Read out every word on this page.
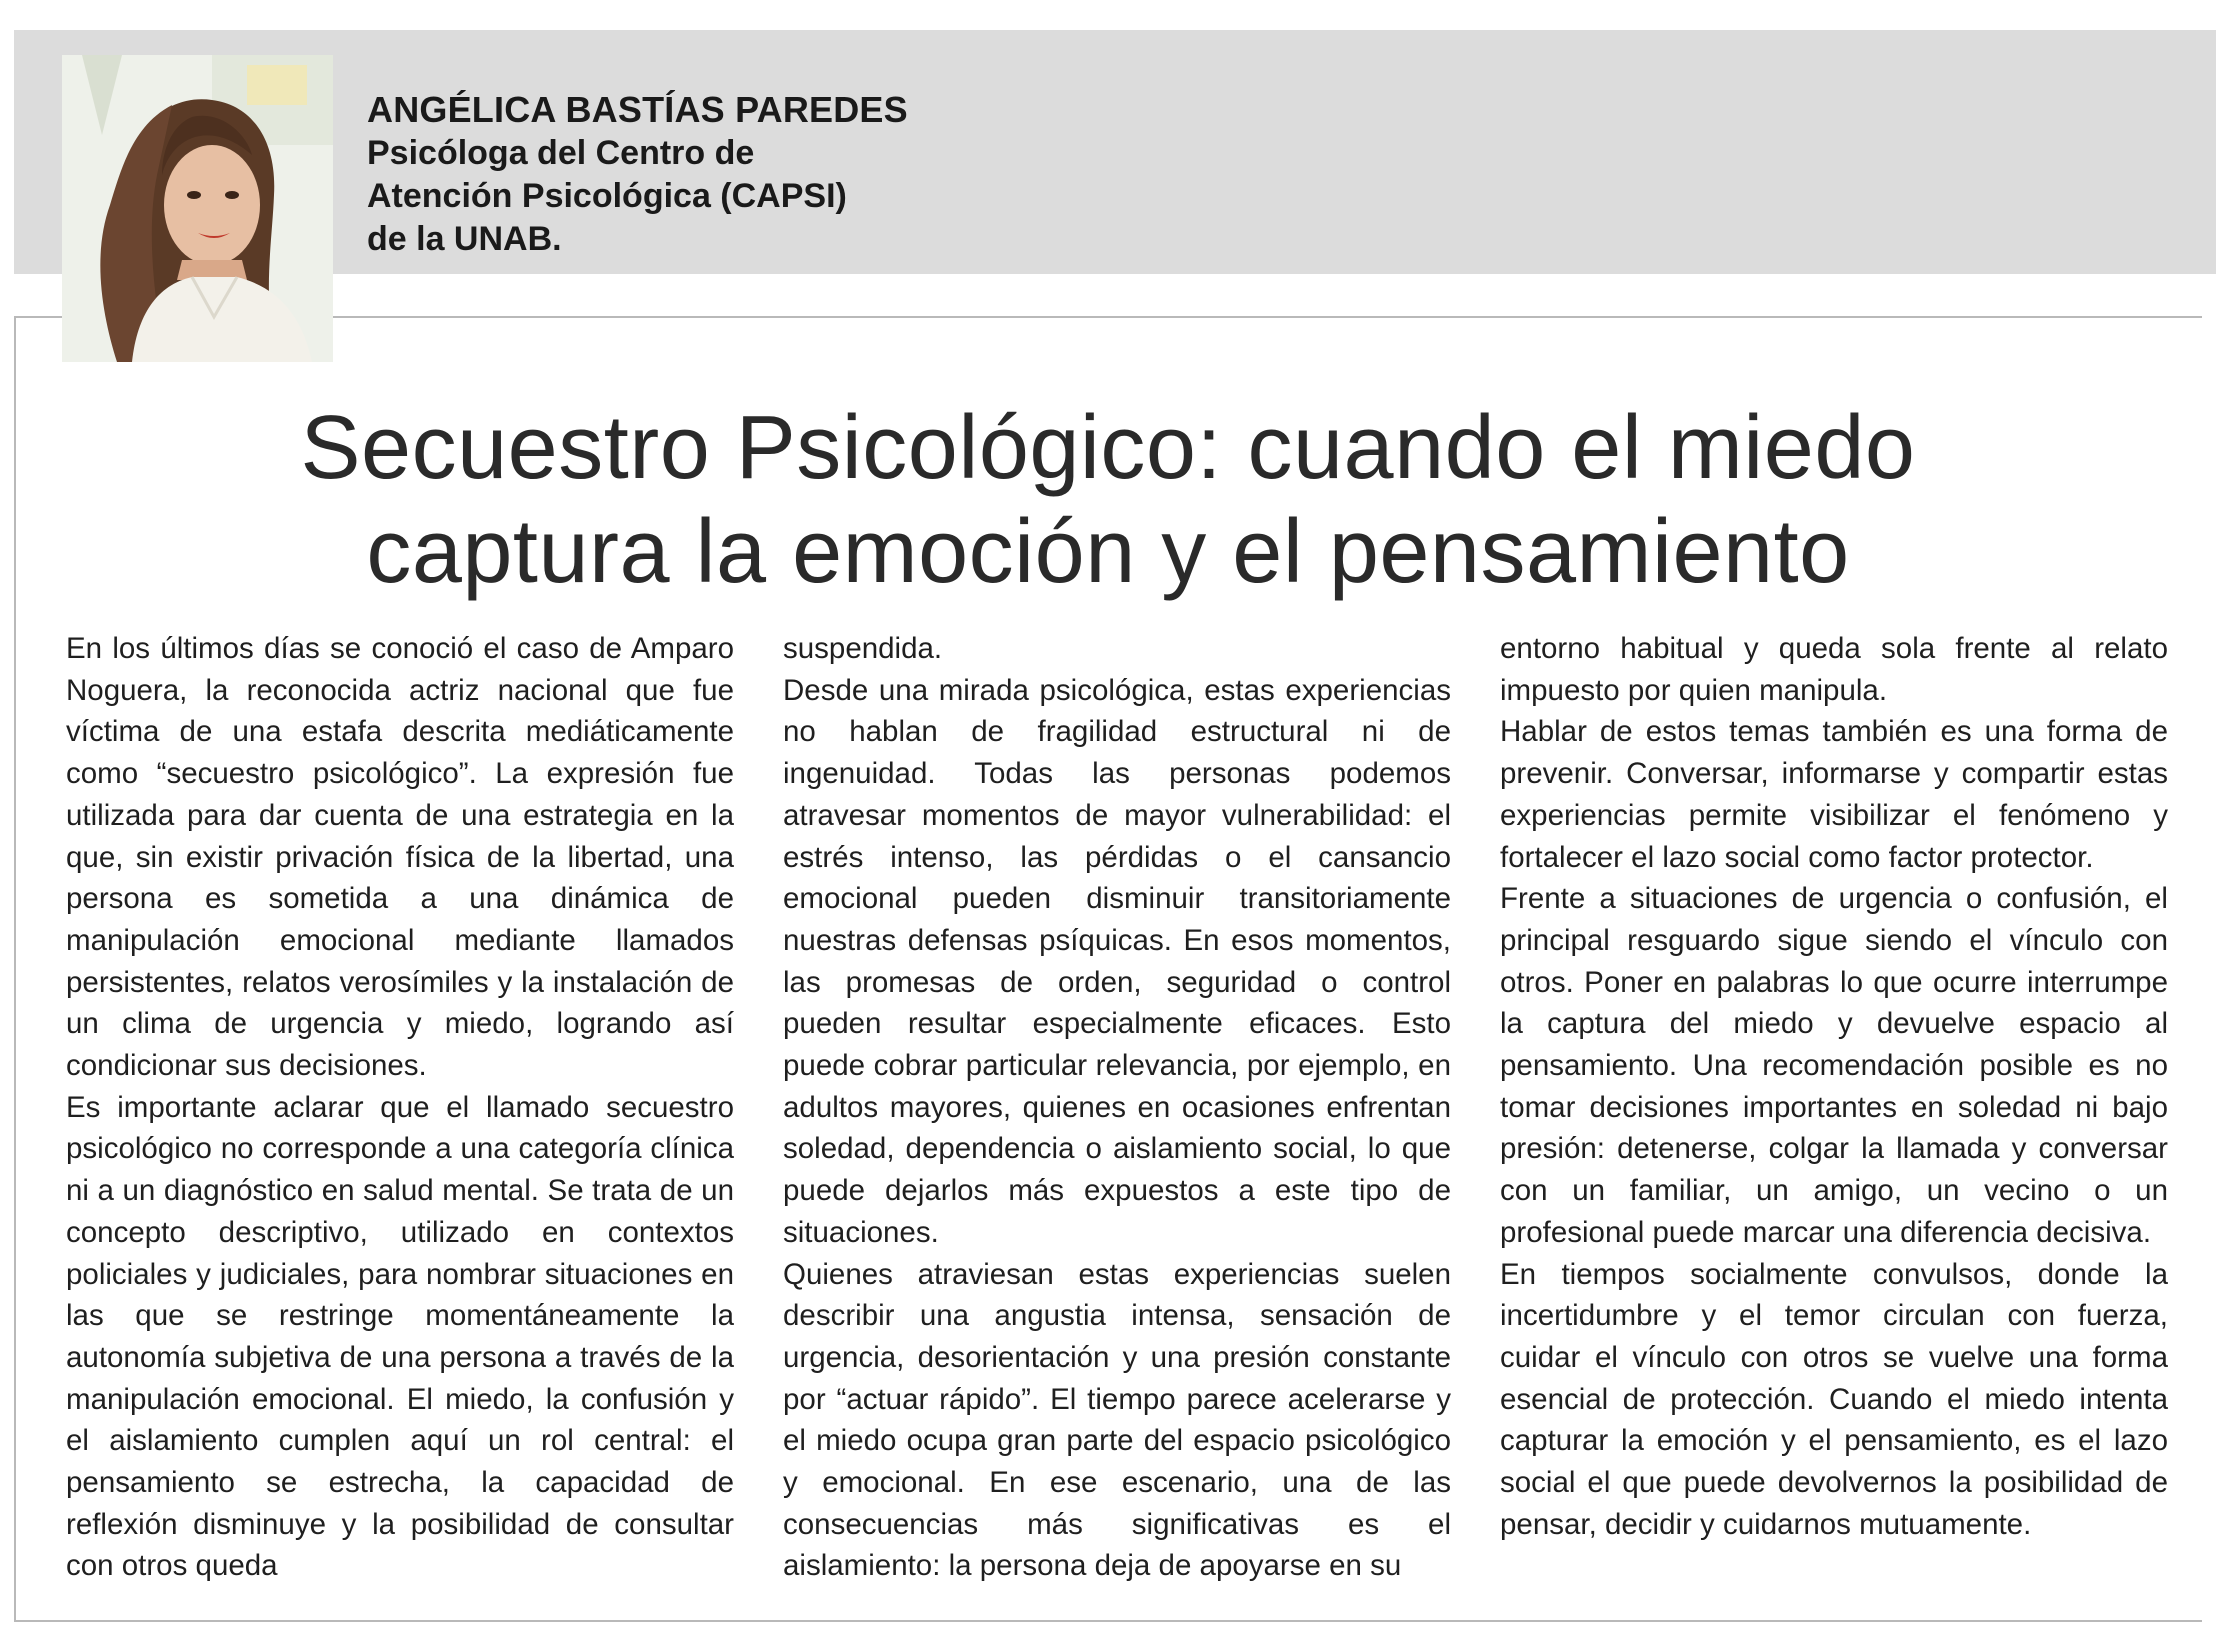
ANGÉLICA BASTÍAS PAREDES
Psicóloga del Centro de Atención Psicológica (CAPSI) de la UNAB.
Secuestro Psicológico: cuando el miedo captura la emoción y el pensamiento

En los últimos días se conoció el caso de Amparo Noguera, la reconocida actriz nacional que fue víctima de una estafa descrita mediáticamente como “secuestro psicológico”. La expresión fue utilizada para dar cuenta de una estrategia en la que, sin existir privación física de la libertad, una persona es sometida a una dinámica de manipulación emocional mediante llamados persistentes, relatos verosímiles y la instalación de un clima de urgencia y miedo, logrando así condicionar sus decisiones.

Es importante aclarar que el llamado secuestro psicológico no corresponde a una categoría clínica ni a un diagnóstico en salud mental. Se trata de un concepto descriptivo, utilizado en contextos policiales y judiciales, para nombrar situaciones en las que se restringe momentáneamente la autonomía subjetiva de una persona a través de la manipulación emocional. El miedo, la confusión y el aislamiento cumplen aquí un rol central: el pensamiento se estrecha, la capacidad de reflexión disminuye y la posibilidad de consultar con otros queda

suspendida.

Desde una mirada psicológica, estas experiencias no hablan de fragilidad estructural ni de ingenuidad. Todas las personas podemos atravesar momentos de mayor vulnerabilidad: el estrés intenso, las pérdidas o el cansancio emocional pueden disminuir transitoriamente nuestras defensas psíquicas. En esos momentos, las promesas de orden, seguridad o control pueden resultar especialmente eficaces. Esto puede cobrar particular relevancia, por ejemplo, en adultos mayores, quienes en ocasiones enfrentan soledad, dependencia o aislamiento social, lo que puede dejarlos más expuestos a este tipo de situaciones.

Quienes atraviesan estas experiencias suelen describir una angustia intensa, sensación de urgencia, desorientación y una presión constante por “actuar rápido”. El tiempo parece acelerarse y el miedo ocupa gran parte del espacio psicológico y emocional. En ese escenario, una de las consecuencias más significativas es el aislamiento: la persona deja de apoyarse en su

entorno habitual y queda sola frente al relato impuesto por quien manipula.

Hablar de estos temas también es una forma de prevenir. Conversar, informarse y compartir estas experiencias permite visibilizar el fenómeno y fortalecer el lazo social como factor protector.

Frente a situaciones de urgencia o confusión, el principal resguardo sigue siendo el vínculo con otros. Poner en palabras lo que ocurre interrumpe la captura del miedo y devuelve espacio al pensamiento. Una recomendación posible es no tomar decisiones importantes en soledad ni bajo presión: detenerse, colgar la llamada y conversar con un familiar, un amigo, un vecino o un profesional puede marcar una diferencia decisiva.

En tiempos socialmente convulsos, donde la incertidumbre y el temor circulan con fuerza, cuidar el vínculo con otros se vuelve una forma esencial de protección. Cuando el miedo intenta capturar la emoción y el pensamiento, es el lazo social el que puede devolvernos la posibilidad de pensar, decidir y cuidarnos mutuamente.
